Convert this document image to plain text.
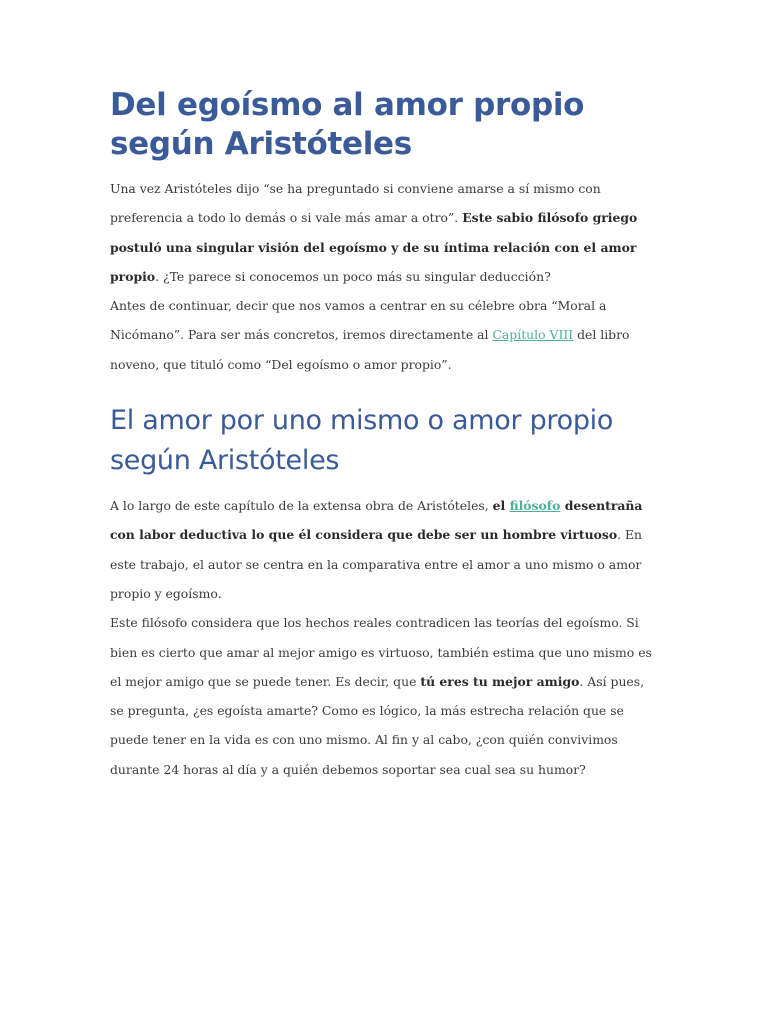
Del egoísmo al amor propio según Aristóteles

Una vez Aristóteles dijo “se ha preguntado si conviene amarse a sí mismo con preferencia a todo lo demás o si vale más amar a otro”. Este sabio filósofo griego postuló una singular visión del egoísmo y de su íntima relación con el amor propio. ¿Te parece si conocemos un poco más su singular deducción?

Antes de continuar, decir que nos vamos a centrar en su célebre obra “Moral a Nicómano”. Para ser más concretos, iremos directamente al Capítulo VIII del libro noveno, que tituló como “Del egoísmo o amor propio”.

El amor por uno mismo o amor propio según Aristóteles

A lo largo de este capítulo de la extensa obra de Aristóteles, el filósofo desentraña con labor deductiva lo que él considera que debe ser un hombre virtuoso. En este trabajo, el autor se centra en la comparativa entre el amor a uno mismo o amor propio y egoísmo.

Este filósofo considera que los hechos reales contradicen las teorías del egoísmo. Si bien es cierto que amar al mejor amigo es virtuoso, también estima que uno mismo es el mejor amigo que se puede tener. Es decir, que tú eres tu mejor amigo. Así pues, se pregunta, ¿es egoísta amarte? Como es lógico, la más estrecha relación que se puede tener en la vida es con uno mismo. Al fin y al cabo, ¿con quién convivimos durante 24 horas al día y a quién debemos soportar sea cual sea su humor?
